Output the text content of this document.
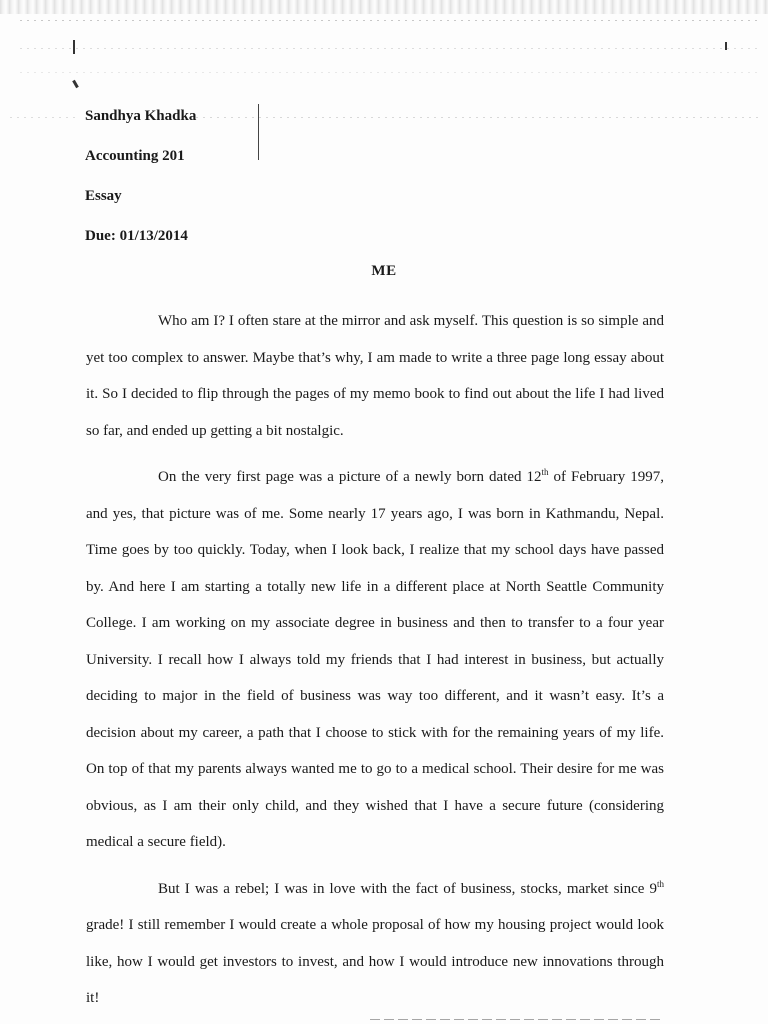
Sandhya Khadka
Accounting 201
Essay
Due: 01/13/2014
ME

Who am I? I often stare at the mirror and ask myself. This question is so simple and yet too complex to answer. Maybe that’s why, I am made to write a three page long essay about it. So I decided to flip through the pages of my memo book to find out about the life I had lived so far, and ended up getting a bit nostalgic.

On the very first page was a picture of a newly born dated 12th of February 1997, and yes, that picture was of me. Some nearly 17 years ago, I was born in Kathmandu, Nepal. Time goes by too quickly. Today, when I look back, I realize that my school days have passed by. And here I am starting a totally new life in a different place at North Seattle Community College. I am working on my associate degree in business and then to transfer to a four year University. I recall how I always told my friends that I had interest in business, but actually deciding to major in the field of business was way too different, and it wasn’t easy. It’s a decision about my career, a path that I choose to stick with for the remaining years of my life. On top of that my parents always wanted me to go to a medical school. Their desire for me was obvious, as I am their only child, and they wished that I have a secure future (considering medical a secure field).

But I was a rebel; I was in love with the fact of business, stocks, market since 9th grade! I still remember I would create a whole proposal of how my housing project would look like, how I would get investors to invest, and how I would introduce new innovations through it!
